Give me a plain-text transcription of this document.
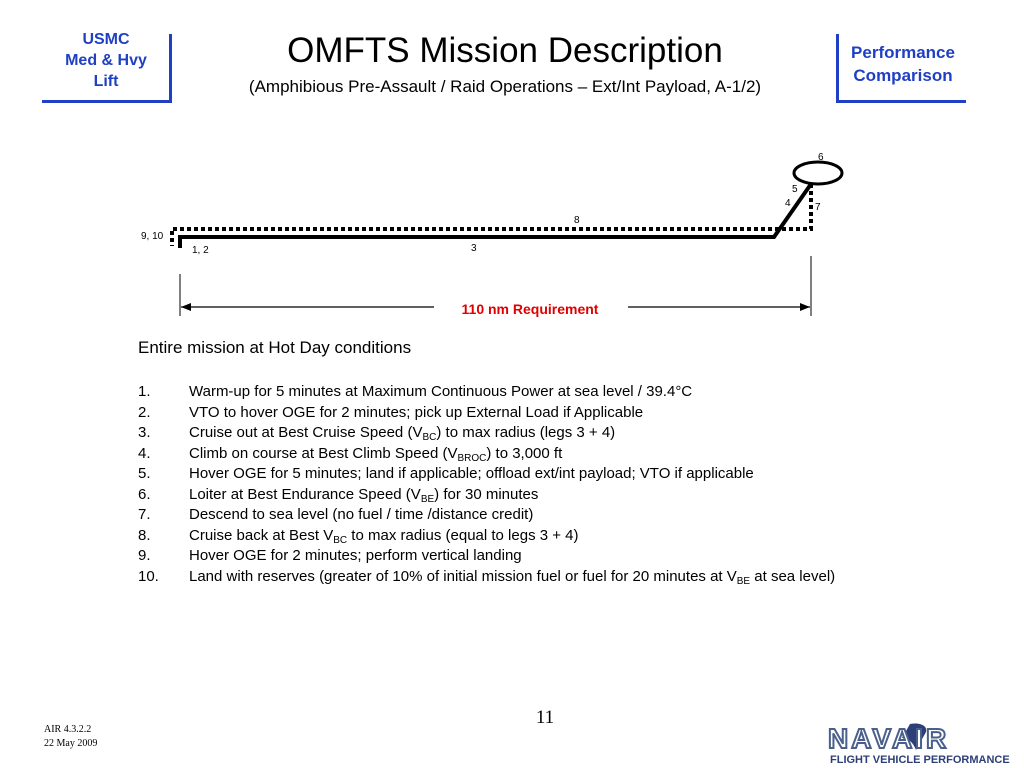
USMC
Med & Hvy
Lift
OMFTS Mission Description
(Amphibious Pre-Assault / Raid Operations – Ext/Int Payload, A-1/2)
Performance
Comparison
9, 10
1, 2	3
8
4
5
6
7
110 nm Requirement
Entire mission at Hot Day conditions
1.	Warm-up for 5 minutes at Maximum Continuous Power at sea level / 39.4°C
2.	VTO to hover OGE for 2 minutes; pick up External Load if Applicable
3.	Cruise out at Best Cruise Speed $(V_{BC})$ to max radius (legs 3 + 4)
4.	Climb on course at Best Climb Speed $(V_{BROC})$ to 3,000 ft
5.	Hover OGE for 5 minutes; land if applicable; offload ext/int payload; VTO if applicable
6.	Loiter at Best Endurance Speed $(V_{BE})$ for 30 minutes
7.	Descend to sea level (no fuel / time /distance credit)
8.	Cruise back at Best $V_{BC}$ to max radius (equal to legs 3 + 4)
9.	Hover OGE for 2 minutes; perform vertical landing
10.	Land with reserves (greater of 10% of initial mission fuel or fuel for 20 minutes at $V_{BE}$ at sea level)
11
AIR 4.3.2.2
22 May 2009	NAVAIR
FLIGHT VEHICLE PERFORMANCE
